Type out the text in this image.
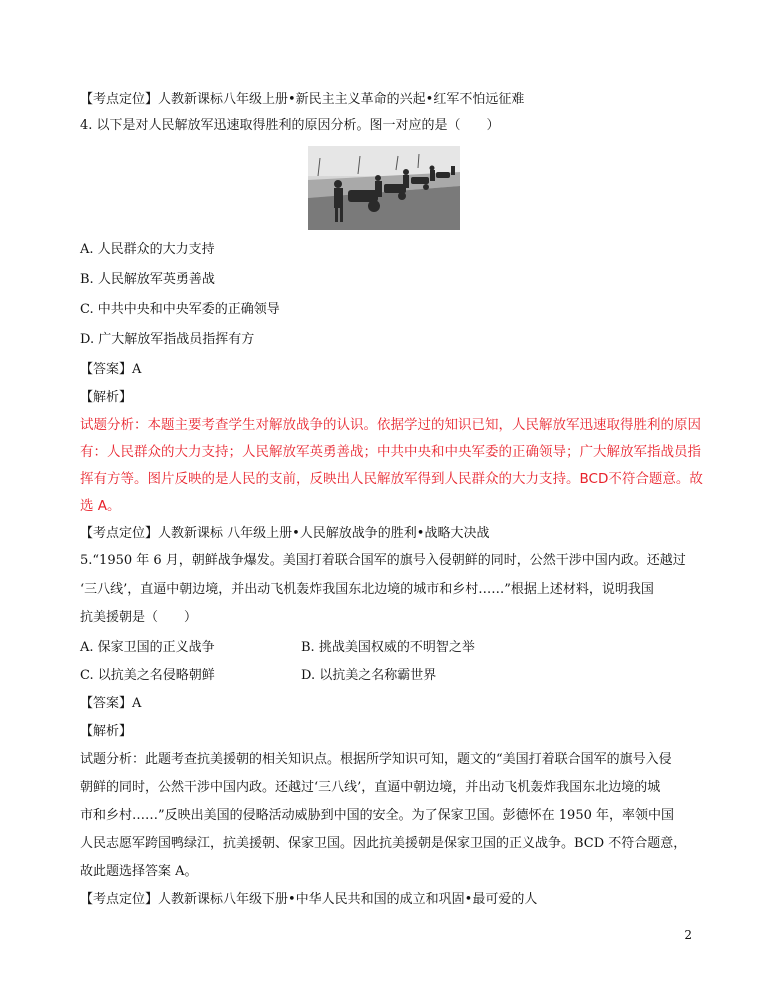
【考点定位】人教新课标八年级上册•新民主主义革命的兴起•红军不怕远征难
4. 以下是对人民解放军迅速取得胜利的原因分析。图一对应的是（　　）
A. 人民群众的大力支持
B. 人民解放军英勇善战
C. 中共中央和中央军委的正确领导
D. 广大解放军指战员指挥有方
【答案】A
【解析】
试题分析：本题主要考查学生对解放战争的认识。依据学过的知识已知，人民解放军迅速取得胜利的原因
有：人民群众的大力支持；人民解放军英勇善战；中共中央和中央军委的正确领导；广大解放军指战员指
挥有方等。图片反映的是人民的支前，反映出人民解放军得到人民群众的大力支持。BCD不符合题意。故
选 A。
【考点定位】人教新课标 八年级上册•人民解放战争的胜利•战略大决战
5.“1950 年 6 月，朝鲜战争爆发。美国打着联合国军的旗号入侵朝鲜的同时，公然干涉中国内政。还越过
‘三八线’，直逼中朝边境，并出动飞机轰炸我国东北边境的城市和乡村……”根据上述材料，说明我国
抗美援朝是（　　）
A. 保家卫国的正义战争	B. 挑战美国权威的不明智之举
C. 以抗美之名侵略朝鲜	D. 以抗美之名称霸世界
【答案】A
【解析】
试题分析：此题考查抗美援朝的相关知识点。根据所学知识可知，题文的“美国打着联合国军的旗号入侵
朝鲜的同时，公然干涉中国内政。还越过‘三八线’，直逼中朝边境，并出动飞机轰炸我国东北边境的城
市和乡村……”反映出美国的侵略活动威胁到中国的安全。为了保家卫国。彭德怀在 1950 年，率领中国
人民志愿军跨国鸭绿江，抗美援朝、保家卫国。因此抗美援朝是保家卫国的正义战争。BCD 不符合题意，
故此题选择答案 A。
【考点定位】人教新课标八年级下册•中华人民共和国的成立和巩固•最可爱的人
2
